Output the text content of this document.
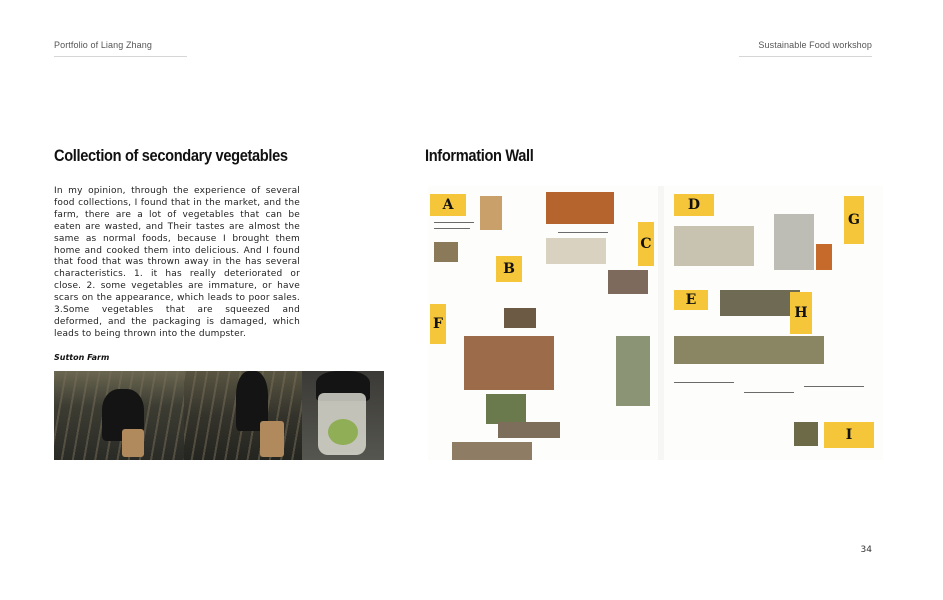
Portfolio of Liang Zhang	Sustainable Food workshop
Collection of secondary vegetables	Information Wall
In my opinion, through the experience of several food collections, I found that in the market, and the farm, there are a lot of vegetables that can be eaten are wasted, and Their tastes are almost the same as normal foods, because I brought them home and cooked them into delicious. And I found that food that was thrown away in the has several characteristics. 1. it has really deteriorated or close. 2. some vegetables are immature, or have scars on the appearance, which leads to poor sales. 3.Some vegetables that are squeezed and deformed, and the packaging is damaged, which leads to being thrown into the dumpster.
Sutton Farm
A
C
B
F
D
G
E
H
I
34
